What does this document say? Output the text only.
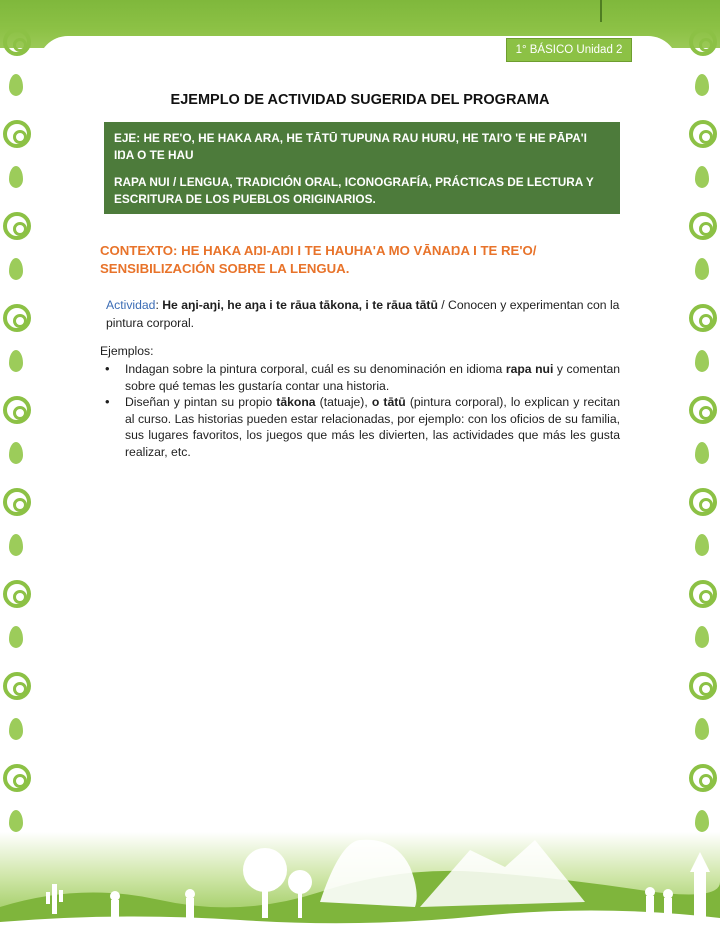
1° BÁSICO Unidad 2
EJEMPLO DE ACTIVIDAD SUGERIDA DEL PROGRAMA

EJE: HE RE'O, HE HAKA ARA, HE TĀTŪ TUPUNA RAU HURU, HE TAI'O 'E HE PĀPA'I IŊA O TE HAU

RAPA NUI / LENGUA, TRADICIÓN ORAL, ICONOGRAFÍA, PRÁCTICAS DE LECTURA Y ESCRITURA DE LOS PUEBLOS ORIGINARIOS.

CONTEXTO: HE HAKA AŊI-AŊI I TE HAUHA'A MO VĀNAŊA I TE RE'O/ SENSIBILIZACIÓN SOBRE LA LENGUA.
Actividad: He aŋi-aŋi, he aŋa i te rāua tākona, i te rāua tātū / Conocen y experimentan con la pintura corporal.
Ejemplos:
• Indagan sobre la pintura corporal, cuál es su denominación en idioma rapa nui y comentan sobre qué temas les gustaría contar una historia.
• Diseñan y pintan su propio tākona (tatuaje), o tātū (pintura corporal), lo explican y recitan al curso. Las historias pueden estar relacionadas, por ejemplo: con los oficios de su familia, sus lugares favoritos, los juegos que más les divierten, las actividades que más les gusta realizar, etc.
